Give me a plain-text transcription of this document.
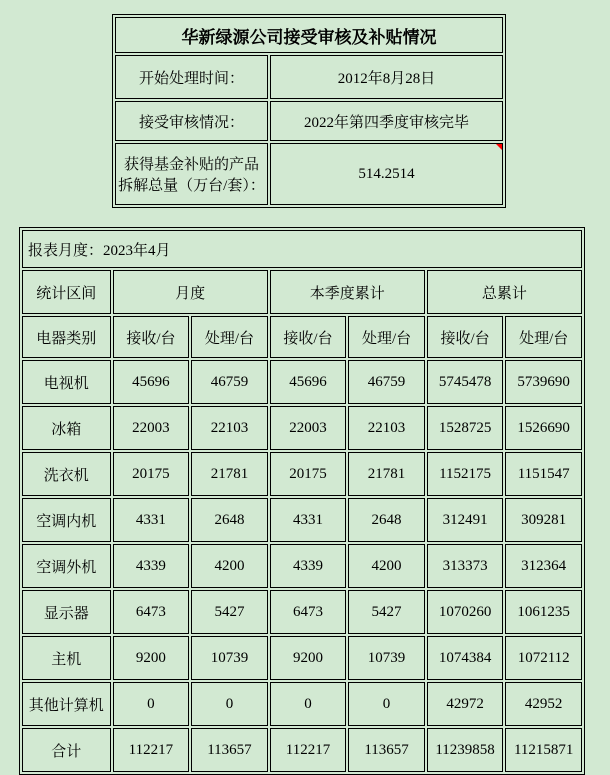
华新绿源公司接受审核及补贴情况	
开始处理时间：	2012年8月28日
接受审核情况：	2022年第四季度审核完毕
获得基金补贴的产品拆解总量（万台/套）：	514.2514
报表月度：2023年4月						
统计区间	月度		本季度累计		总累计	
电器类别	接收/台	处理/台	接收/台	处理/台	接收/台	处理/台
电视机	45696	46759	45696	46759	5745478	5739690
冰箱	22003	22103	22003	22103	1528725	1526690
洗衣机	20175	21781	20175	21781	1152175	1151547
空调内机	4331	2648	4331	2648	312491	309281
空调外机	4339	4200	4339	4200	313373	312364
显示器	6473	5427	6473	5427	1070260	1061235
主机	9200	10739	9200	10739	1074384	1072112
其他计算机	0	0	0	0	42972	42952
合计	112217	113657	112217	113657	11239858	11215871
